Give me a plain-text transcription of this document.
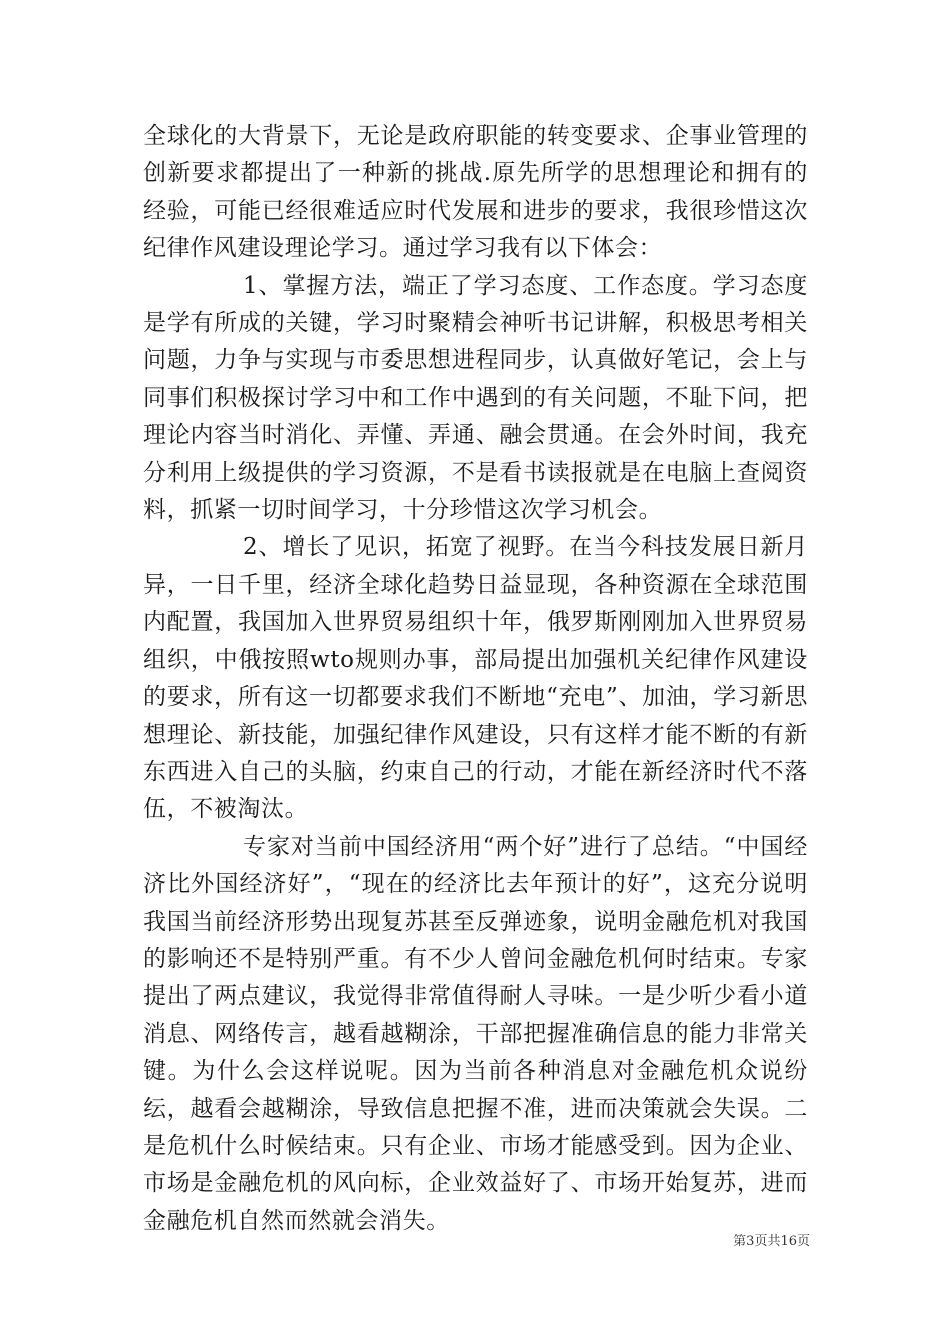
全球化的大背景下，无论是政府职能的转变要求、企事业管理的创新要求都提出了一种新的挑战.原先所学的思想理论和拥有的经验，可能已经很难适应时代发展和进步的要求，我很珍惜这次纪律作风建设理论学习。通过学习我有以下体会：

1、掌握方法，端正了学习态度、工作态度。学习态度是学有所成的关键，学习时聚精会神听书记讲解，积极思考相关问题，力争与实现与市委思想进程同步，认真做好笔记，会上与同事们积极探讨学习中和工作中遇到的有关问题，不耻下问，把理论内容当时消化、弄懂、弄通、融会贯通。在会外时间，我充分利用上级提供的学习资源，不是看书读报就是在电脑上查阅资料，抓紧一切时间学习，十分珍惜这次学习机会。

2、增长了见识，拓宽了视野。在当今科技发展日新月异，一日千里，经济全球化趋势日益显现，各种资源在全球范围内配置，我国加入世界贸易组织十年，俄罗斯刚刚加入世界贸易组织，中俄按照wto规则办事，部局提出加强机关纪律作风建设的要求，所有这一切都要求我们不断地“充电”、加油，学习新思想理论、新技能，加强纪律作风建设，只有这样才能不断的有新东西进入自己的头脑，约束自己的行动，才能在新经济时代不落伍，不被淘汰。

专家对当前中国经济用“两个好”进行了总结。“中国经济比外国经济好”，“现在的经济比去年预计的好”，这充分说明我国当前经济形势出现复苏甚至反弹迹象，说明金融危机对我国的影响还不是特别严重。有不少人曾问金融危机何时结束。专家提出了两点建议，我觉得非常值得耐人寻味。一是少听少看小道消息、网络传言，越看越糊涂，干部把握准确信息的能力非常关键。为什么会这样说呢。因为当前各种消息对金融危机众说纷纭，越看会越糊涂，导致信息把握不准，进而决策就会失误。二是危机什么时候结束。只有企业、市场才能感受到。因为企业、市场是金融危机的风向标，企业效益好了、市场开始复苏，进而金融危机自然而然就会消失。

第3页共16页
